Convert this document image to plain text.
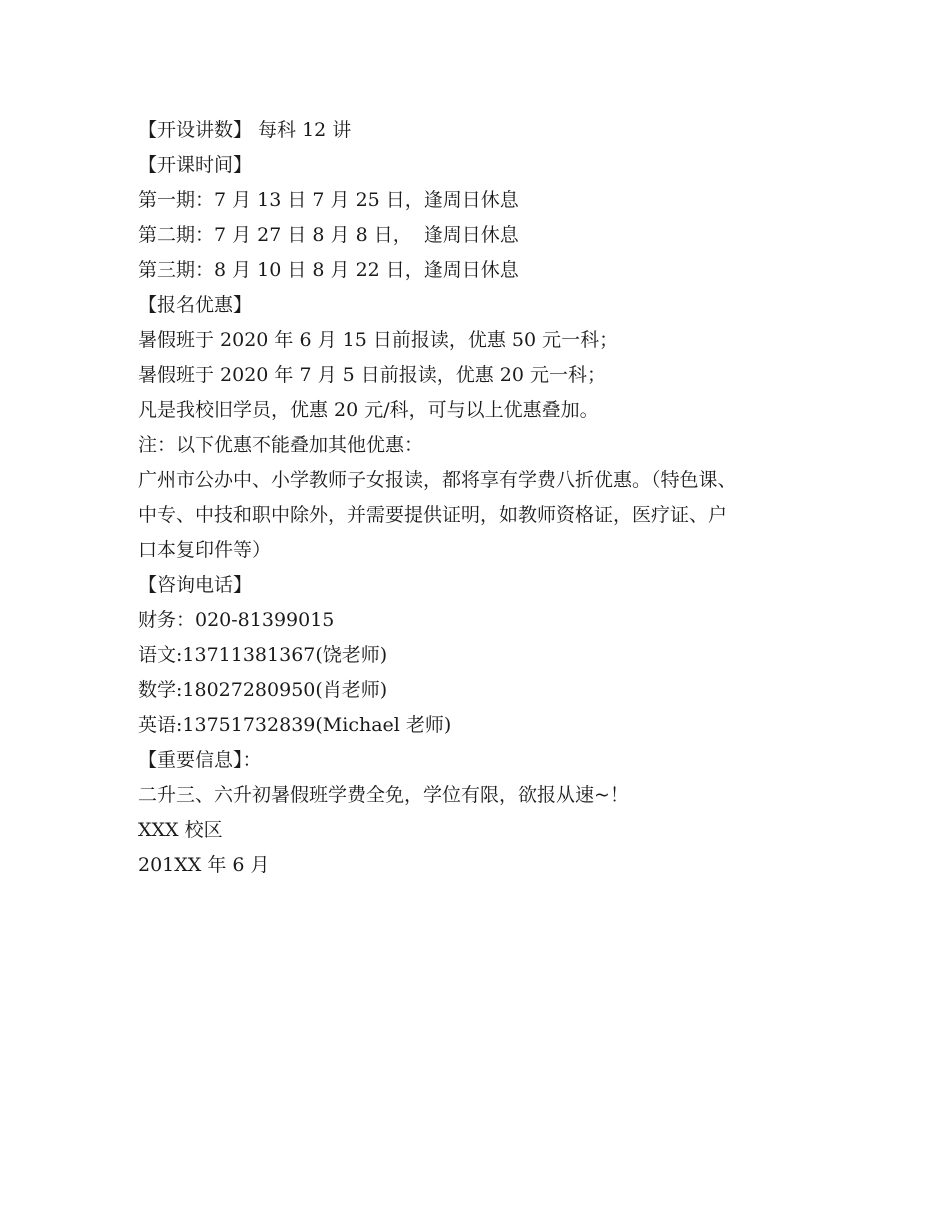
【开设讲数】 每科 12 讲
【开课时间】
第一期：7 月 13 日 7 月 25 日，逢周日休息
第二期：7 月 27 日 8 月 8 日，  逢周日休息
第三期：8 月 10 日 8 月 22 日，逢周日休息
【报名优惠】
暑假班于 2020 年 6 月 15 日前报读，优惠 50 元一科；
暑假班于 2020 年 7 月 5 日前报读，优惠 20 元一科；
凡是我校旧学员，优惠 20 元/科，可与以上优惠叠加。
注：以下优惠不能叠加其他优惠：
广州市公办中、小学教师子女报读，都将享有学费八折优惠。（特色课、
中专、中技和职中除外，并需要提供证明，如教师资格证，医疗证、户
口本复印件等）
【咨询电话】
财务：020-81399015
语文:13711381367(饶老师)
数学:18027280950(肖老师)
英语:13751732839(Michael 老师)
【重要信息】：
二升三、六升初暑假班学费全免，学位有限，欲报从速~！
XXX 校区
201XX 年 6 月
